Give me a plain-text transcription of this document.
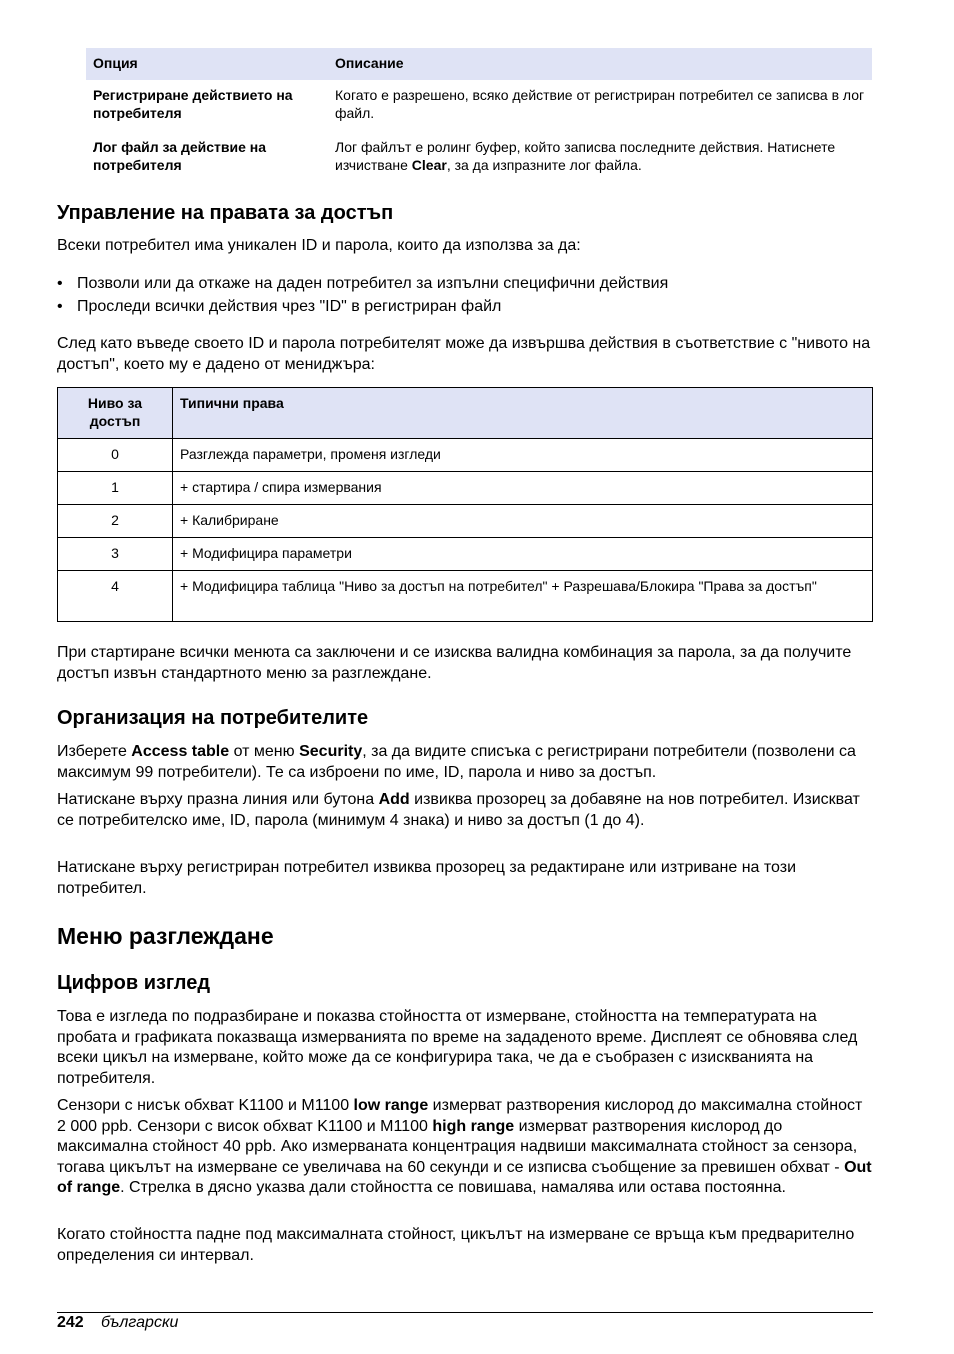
Опция	Описание
Регистриране действието на потребителя	Когато е разрешено, всяко действие от регистриран потребител се записва в лог файл.
Лог файл за действие на потребителя	Лог файлът е ролинг буфер, който записва последните действия. Натиснете изчистване Clear, за да изпразните лог файла.
Управление на правата за достъп

Всеки потребител има уникален ID и парола, които да използва за да:

• Позволи или да откаже на даден потребител за изпълни специфични действия
• Проследи всички действия чрез "ID" в регистриран файл

След като въведе своето ID и парола потребителят може да извършва действия в съответствие с "нивото на достъп", което му е дадено от мениджъра:

Ниво за достъп	Типични права
0	Разглежда параметри, променя изгледи
1	+ стартира / спира измервания
2	+ Калибриране
3	+ Модифицира параметри
4	+ Модифицира таблица "Ниво за достъп на потребител" + Разрешава/Блокира "Права за достъп"

При стартиране всички менюта са заключени и се изисква валидна комбинация за парола, за да получите достъп извън стандартното меню за разглеждане.

Организация на потребителите

Изберете Access table от меню Security, за да видите списъка с регистрирани потребители (позволени са максимум 99 потребители). Те са изброени по име, ID, парола и ниво за достъп.

Натискане върху празна линия или бутона Add извиква прозорец за добавяне на нов потребител. Изискват се потребителско име, ID, парола (минимум 4 знака) и ниво за достъп (1 до 4).

Натискане върху регистриран потребител извиква прозорец за редактиране или изтриване на този потребител.

Меню разглеждане
Цифров изглед

Това е изгледа по подразбиране и показва стойността от измерване, стойността на температурата на пробата и графиката показваща измерванията по време на зададеното време. Дисплеят се обновява след всеки цикъл на измерване, който може да се конфигурира така, че да е съобразен с изискванията на потребителя.

Сензори с нисък обхват K1100 и M1100 low range измерват разтворения кислород до максимална стойност 2 000 ppb. Сензори с висок обхват K1100 и M1100 high range измерват разтворения кислород до максимална стойност 40 ppb. Ако измерваната концентрация надвиши максималната стойност за сензора, тогава цикълът на измерване се увеличава на 60 секунди и се изписва съобщение за превишен обхват - Out of range. Стрелка в дясно указва дали стойността се повишава, намалява или остава постоянна.

Когато стойността падне под максималната стойност, цикълът на измерване се връща към предварително определения си интервал.

242 български
